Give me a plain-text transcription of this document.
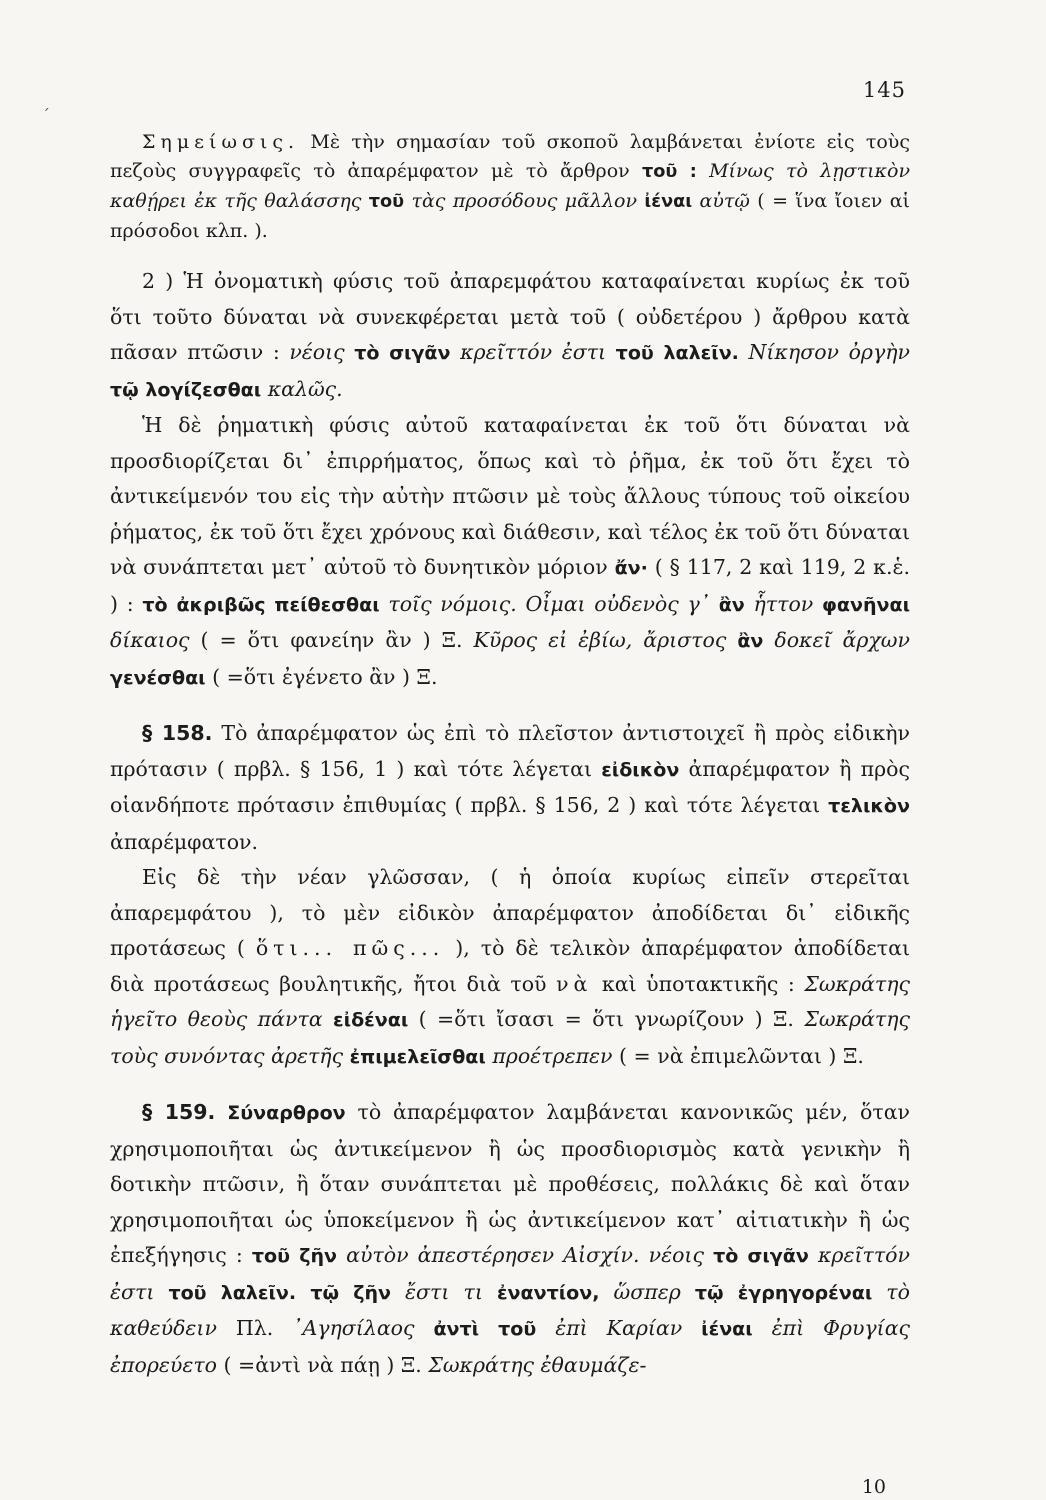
145
ˊ

Σημείωσις. Μὲ τὴν σημασίαν τοῦ σκοποῦ λαμβάνεται ἐνίοτε εἰς τοὺς πεζοὺς συγγραφεῖς τὸ ἀπαρέμφατον μὲ τὸ ἄρθρον τοῦ : Μίνως τὸ λῃστικὸν καθῄρει ἐκ τῆς θαλάσσης τοῦ τὰς προσόδους μᾶλλον ἰέναι αὐτῷ ( = ἵνα ἴοιεν αἱ πρόσοδοι κλπ. ).

2 ) Ἡ ὀνοματικὴ φύσις τοῦ ἀπαρεμφάτου καταφαίνεται κυρίως ἐκ τοῦ ὅτι τοῦτο δύναται νὰ συνεκφέρεται μετὰ τοῦ ( οὐδετέρου ) ἄρθρου κατὰ πᾶσαν πτῶσιν : νέοις τὸ σιγᾶν κρεῖττόν ἐστι τοῦ λαλεῖν. Νίκησον ὀργὴν τῷ λογίζεσθαι καλῶς.

Ἡ δὲ ῥηματικὴ φύσις αὐτοῦ καταφαίνεται ἐκ τοῦ ὅτι δύναται νὰ προσδιορίζεται δι᾿ ἐπιρρήματος, ὅπως καὶ τὸ ῥῆμα, ἐκ τοῦ ὅτι ἔχει τὸ ἀντικείμενόν του εἰς τὴν αὐτὴν πτῶσιν μὲ τοὺς ἄλλους τύπους τοῦ οἰκείου ῥήματος, ἐκ τοῦ ὅτι ἔχει χρόνους καὶ διάθεσιν, καὶ τέλος ἐκ τοῦ ὅτι δύναται νὰ συνάπτεται μετ᾿ αὐτοῦ τὸ δυνητικὸν μόριον ἄν· ( § 117, 2 καὶ 119, 2 κ.ἑ. ) : τὸ ἀκριβῶς πείθεσθαι τοῖς νόμοις. Οἶμαι οὐδενὸς γ᾿ ἂν ἧττον φανῆναι δίκαιος ( = ὅτι φανείην ἂν ) Ξ. Κῦρος εἰ ἐβίω, ἄριστος ἂν δοκεῖ ἄρχων γενέσθαι ( =ὅτι ἐγένετο ἂν ) Ξ.

§ 158. Τὸ ἀπαρέμφατον ὡς ἐπὶ τὸ πλεῖστον ἀντιστοιχεῖ ἢ πρὸς εἰδικὴν πρότασιν ( πρβλ. § 156, 1 ) καὶ τότε λέγεται εἰδικὸν ἀπαρέμφατον ἢ πρὸς οἱανδήποτε πρότασιν ἐπιθυμίας ( πρβλ. § 156, 2 ) καὶ τότε λέγεται τελικὸν ἀπαρέμφατον.

Εἰς δὲ τὴν νέαν γλῶσσαν, ( ἡ ὁποία κυρίως εἰπεῖν στερεῖται ἀπαρεμφάτου ), τὸ μὲν εἰδικὸν ἀπαρέμφατον ἀποδίδεται δι᾿ εἰδικῆς προτάσεως ( ὅτι... πῶς... ), τὸ δὲ τελικὸν ἀπαρέμφατον ἀποδίδεται διὰ προτάσεως βουλητικῆς, ἤτοι διὰ τοῦ νὰ καὶ ὑποτακτικῆς : Σωκράτης ἡγεῖτο θεοὺς πάντα εἰδέναι ( =ὅτι ἴσασι = ὅτι γνωρίζουν ) Ξ. Σωκράτης τοὺς συνόντας ἀρετῆς ἐπιμελεῖσθαι προέτρεπεν ( = νὰ ἐπιμελῶνται ) Ξ.

§ 159. Σύναρθρον τὸ ἀπαρέμφατον λαμβάνεται κανονικῶς μέν, ὅταν χρησιμοποιῆται ὡς ἀντικείμενον ἢ ὡς προσδιορισμὸς κατὰ γενικὴν ἢ δοτικὴν πτῶσιν, ἢ ὅταν συνάπτεται μὲ προθέσεις, πολλάκις δὲ καὶ ὅταν χρησιμοποιῆται ὡς ὑποκείμενον ἢ ὡς ἀντικείμενον κατ᾿ αἰτιατικὴν ἢ ὡς ἐπεξήγησις : τοῦ ζῆν αὐτὸν ἀπεστέρησεν Αἰσχίν. νέοις τὸ σιγᾶν κρεῖττόν ἐστι τοῦ λαλεῖν. τῷ ζῆν ἔστι τι ἐναντίον, ὥσπερ τῷ ἐγρηγορέναι τὸ καθεύδειν Πλ. ᾿Αγησίλαος ἀντὶ τοῦ ἐπὶ Καρίαν ἰέναι ἐπὶ Φρυγίας ἐπορεύετο ( =ἀντὶ νὰ πάῃ ) Ξ. Σωκράτης ἐθαυμάζε-

10
